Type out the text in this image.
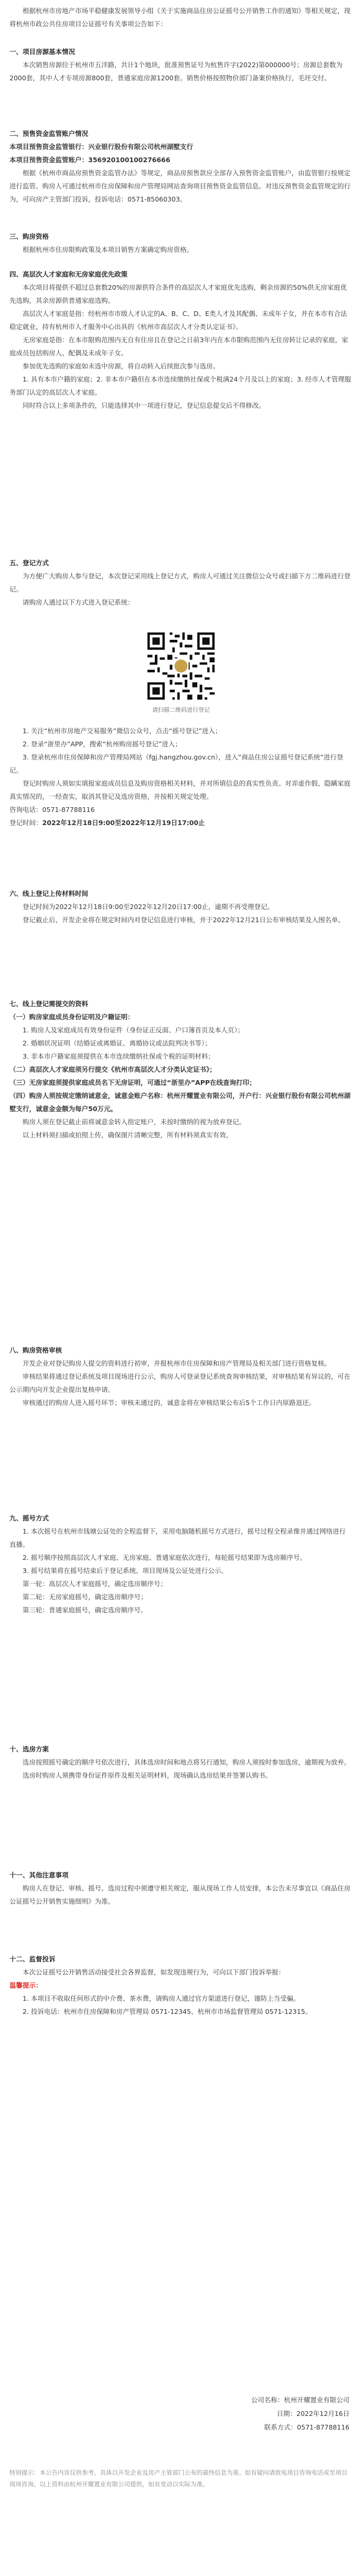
根据杭州市房地产市场平稳健康发展领导小组《关于实施商品住房公证摇号公开销售工作的通知》等相关规定，现将杭州市政公共住房项目公证摇号有关事项公告如下：

一、项目房源基本情况

本次销售房源位于杭州市五洋路，共计1个地块，批准预售证号为杭售许字(2022)第000000号；房源总套数为2000套，其中人才专项房源800套，普通家庭房源1200套。销售价格按照物价部门备案价格执行，毛坯交付。

二、预售资金监管账户情况
本项目预售资金监管银行：兴业银行股份有限公司杭州湖墅支行
本项目预售资金监管账户：356920100100276666

根据《杭州市商品房预售资金监管办法》等规定，商品房预售款应全部存入预售资金监管账户，由监管银行按规定进行监管。购房人可通过杭州市住房保障和房产管理局网站查询项目预售资金监管信息。对违反预售资金监管规定的行为，可向房产主管部门投诉，投诉电话：0571-85060303。

三、购房资格

根据杭州市住房限购政策及本项目销售方案确定购房资格。

四、高层次人才家庭和无房家庭优先政策

本次项目将提供不超过总套数20%的房源供符合条件的高层次人才家庭优先选购，剩余房源的50%供无房家庭优先选购，其余房源供普通家庭选购。

高层次人才家庭是指：经杭州市市级人才认定的A、B、C、D、E类人才及其配偶、未成年子女，并在本市有合法稳定就业，持有杭州市人才服务中心出具的《杭州市高层次人才分类认定证书》。

无房家庭是指：在本市限购范围内无自有住房且在登记之日前3年内在本市限购范围内无住房转让记录的家庭，家庭成员包括购房人、配偶及未成年子女。

参加优先选购的家庭如未选中房源，将自动转入后续批次参与选房。

1. 具有本市户籍的家庭；2. 非本市户籍但在本市连续缴纳社保或个税满24个月及以上的家庭；3. 经市人才管理服务部门认定的高层次人才家庭。

同时符合以上多项条件的，只能选择其中一项进行登记，登记信息提交后不得修改。

五、登记方式

为方便广大购房人参与登记，本次登记采用线上登记方式，购房人可通过关注微信公众号或扫描下方二维码进行登记。

请购房人通过以下方式进入登记系统：

请扫描二维码进行登记

1. 关注“杭州市房地产交易服务”微信公众号，点击“摇号登记”进入；

2. 登录“浙里办”APP，搜索“杭州购房摇号登记”进入；

3. 登录杭州市住房保障和房产管理局网站（fgj.hangzhou.gov.cn），进入“商品住房公证摇号登记系统”进行登记。

登记时购房人须如实填报家庭成员信息及购房资格相关材料，并对所填信息的真实性负责。对弄虚作假、隐瞒家庭真实情况的，一经查实，取消其登记及选房资格，并按相关规定处理。

咨询电话：0571-87788116
登记时间：2022年12月18日9:00至2022年12月19日17:00止
六、线上登记上传材料时间

登记时间为2022年12月18日9:00至2022年12月20日17:00止，逾期不再受理登记。

登记截止后，开发企业将在规定时间内对登记信息进行审核，并于2022年12月21日公布审核结果及入围名单。

七、线上登记需提交的资料

（一）购房家庭成员身份证明及户籍证明：

1. 购房人及家庭成员有效身份证件（身份证正反面、户口簿首页及本人页）；

2. 婚姻状况证明（结婚证或离婚证、离婚协议或法院判决书等）；

3. 非本市户籍家庭须提供在本市连续缴纳社保或个税的证明材料；

（二）高层次人才家庭须另行提交《杭州市高层次人才分类认定证书》；

（三）无房家庭须提供家庭成员名下无房证明，可通过“浙里办”APP在线查询打印；

（四）购房人须按规定缴纳诚意金，诚意金账户名称：杭州开耀置业有限公司，开户行：兴业银行股份有限公司杭州湖墅支行，诚意金金额为每户50万元。

购房人须在登记截止前将诚意金转入指定账户，未按时缴纳的视为放弃登记。

以上材料须扫描或拍照上传，确保图片清晰完整，所有材料须真实有效。

八、购房资格审核

开发企业对登记购房人提交的资料进行初审，并报杭州市住房保障和房产管理局及相关部门进行资格复核。

审核结果将通过登记系统及项目现场进行公示，购房人可登录登记系统查询审核结果，对审核结果有异议的，可在公示期内向开发企业提出复核申请。

审核通过的购房人进入摇号环节；审核未通过的，诚意金将在审核结果公布后5个工作日内原路退还。

九、摇号方式

1. 本次摇号在杭州市钱塘公证处的全程监督下，采用电脑随机摇号方式进行，摇号过程全程录像并通过网络进行直播。

2. 摇号顺序按照高层次人才家庭、无房家庭、普通家庭依次进行，每轮摇号结果即为选房顺序号。

3. 摇号结果将在摇号结束后于登记系统、项目现场及公证处进行公示。

第一轮：高层次人才家庭摇号，确定选房顺序号；

第二轮：无房家庭摇号，确定选房顺序号；

第三轮：普通家庭摇号，确定选房顺序号。

十、选房方案

选房按照摇号确定的顺序号依次进行，具体选房时间和地点将另行通知，购房人须按时参加选房，逾期视为放弃。

选房时购房人须携带身份证件原件及相关证明材料，现场确认选房结果并签署认购书。

十一、其他注意事项

购房人在登记、审核、摇号、选房过程中须遵守相关规定，服从现场工作人员安排，本公告未尽事宜以《商品住房公证摇号公开销售实施细则》为准。

十二、监督投诉

本次公证摇号公开销售活动接受社会各界监督，如发现违规行为，可向以下部门投诉举报：

温馨提示：

1. 本项目不收取任何形式的中介费、茶水费，请购房人通过官方渠道进行登记，谨防上当受骗。

2. 投诉电话：杭州市住房保障和房产管理局 0571-12345、杭州市市场监督管理局 0571-12315。

公司名称：杭州开耀置业有限公司
日期：2022年12月16日
联系方式：0571-87788116
特别提示：本公告内容仅供参考，具体以开发企业及房产主管部门公布的最终信息为准。如有疑问请致电项目咨询电话或至项目现场咨询。以上资料由杭州开耀置业有限公司提供，如有变动以实际为准。
